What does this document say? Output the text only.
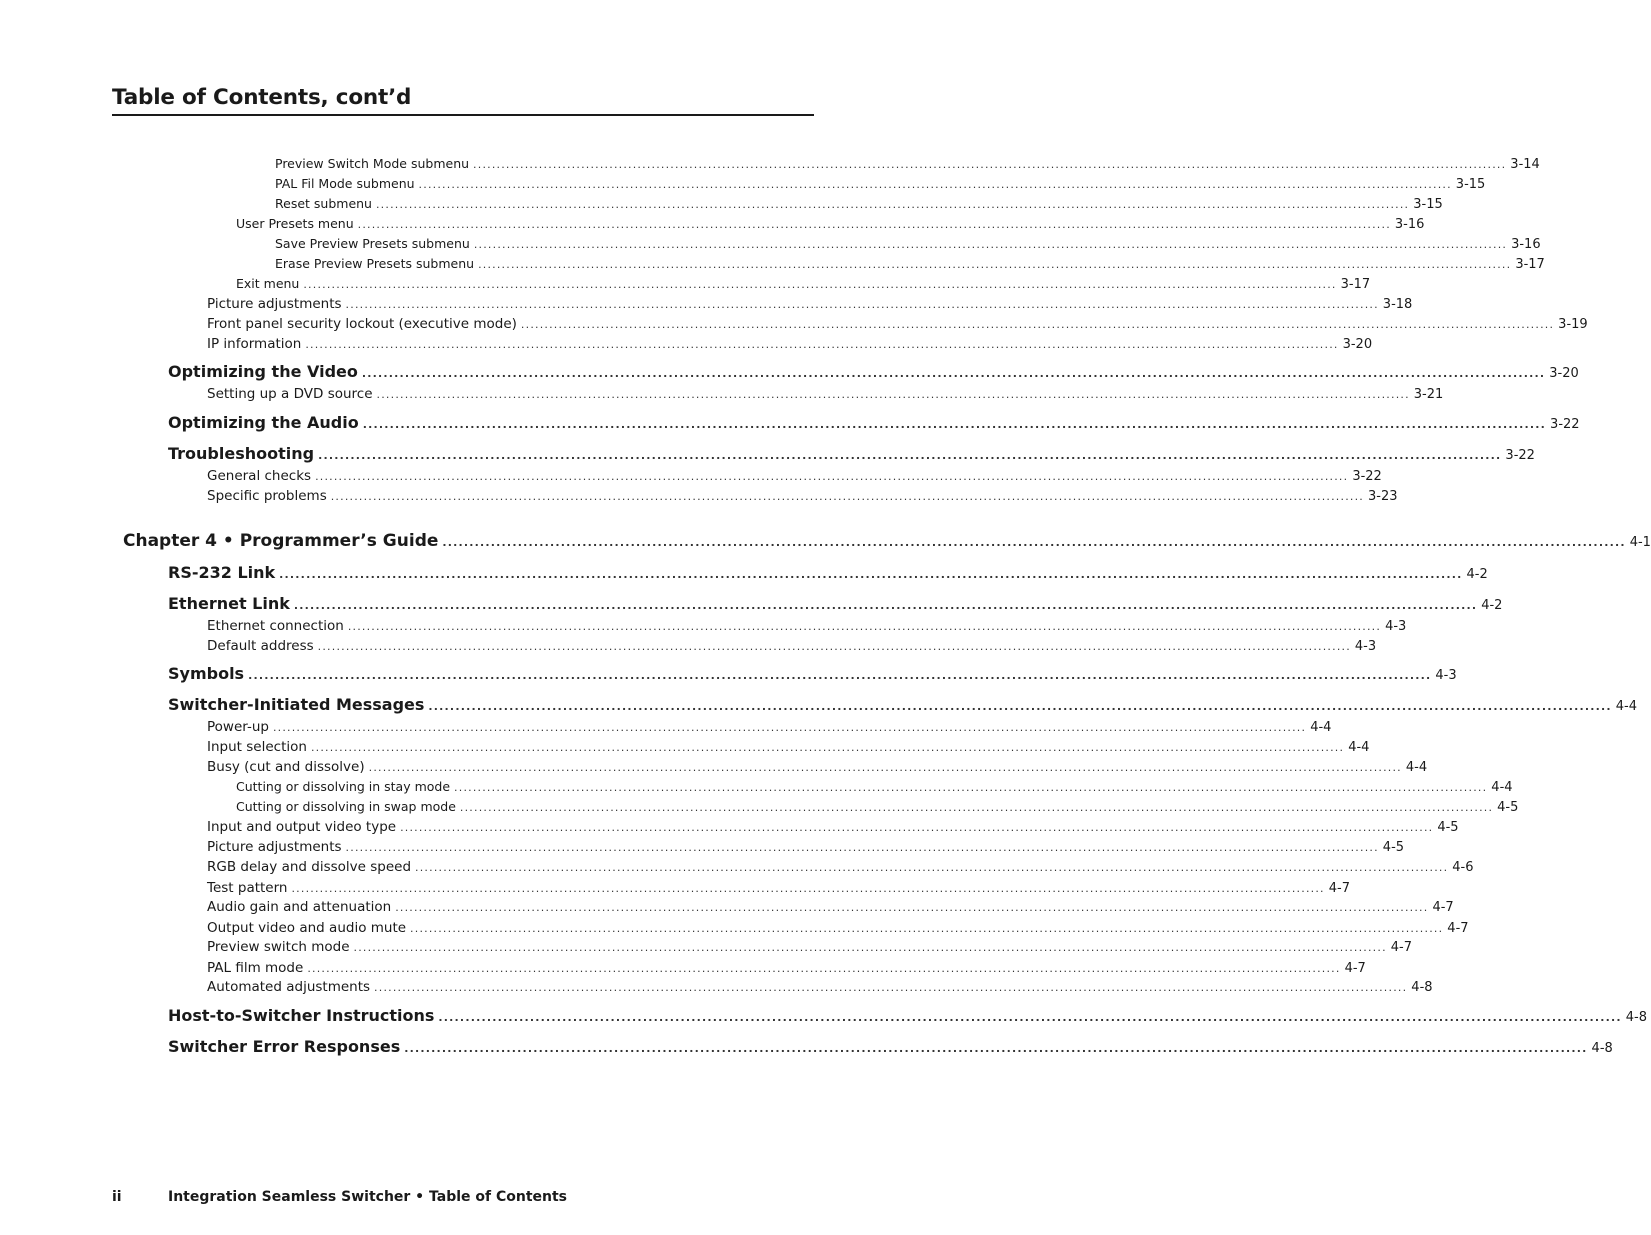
Table of Contents, cont’d
Preview Switch Mode submenu ............................................................................................................................................................................................................................ 3-14
PAL Fil Mode submenu ............................................................................................................................................................................................................................ 3-15
Reset submenu ............................................................................................................................................................................................................................ 3-15
User Presets menu ............................................................................................................................................................................................................................ 3-16
Save Preview Presets submenu ............................................................................................................................................................................................................................ 3-16
Erase Preview Presets submenu ............................................................................................................................................................................................................................ 3-17
Exit menu ............................................................................................................................................................................................................................ 3-17
Picture adjustments ............................................................................................................................................................................................................................ 3-18
Front panel security lockout (executive mode) ............................................................................................................................................................................................................................ 3-19
IP information ............................................................................................................................................................................................................................ 3-20
Optimizing the Video ............................................................................................................................................................................................................................ 3-20
Setting up a DVD source ............................................................................................................................................................................................................................ 3-21
Optimizing the Audio ............................................................................................................................................................................................................................ 3-22
Troubleshooting ............................................................................................................................................................................................................................ 3-22
General checks ............................................................................................................................................................................................................................ 3-22
Specific problems ............................................................................................................................................................................................................................ 3-23
Chapter 4 • Programmer’s Guide ............................................................................................................................................................................................................................ 4-1
RS-232 Link ............................................................................................................................................................................................................................ 4-2
Ethernet Link ............................................................................................................................................................................................................................ 4-2
Ethernet connection ............................................................................................................................................................................................................................ 4-3
Default address ............................................................................................................................................................................................................................ 4-3
Symbols ............................................................................................................................................................................................................................ 4-3
Switcher-Initiated Messages ............................................................................................................................................................................................................................ 4-4
Power-up ............................................................................................................................................................................................................................ 4-4
Input selection ............................................................................................................................................................................................................................ 4-4
Busy (cut and dissolve) ............................................................................................................................................................................................................................ 4-4
Cutting or dissolving in stay mode ............................................................................................................................................................................................................................ 4-4
Cutting or dissolving in swap mode ............................................................................................................................................................................................................................ 4-5
Input and output video type ............................................................................................................................................................................................................................ 4-5
Picture adjustments ............................................................................................................................................................................................................................ 4-5
RGB delay and dissolve speed ............................................................................................................................................................................................................................ 4-6
Test pattern ............................................................................................................................................................................................................................ 4-7
Audio gain and attenuation ............................................................................................................................................................................................................................ 4-7
Output video and audio mute ............................................................................................................................................................................................................................ 4-7
Preview switch mode ............................................................................................................................................................................................................................ 4-7
PAL film mode ............................................................................................................................................................................................................................ 4-7
Automated adjustments ............................................................................................................................................................................................................................ 4-8
Host-to-Switcher Instructions ............................................................................................................................................................................................................................ 4-8
Switcher Error Responses ............................................................................................................................................................................................................................ 4-8
ii	Integration Seamless Switcher • Table of Contents
